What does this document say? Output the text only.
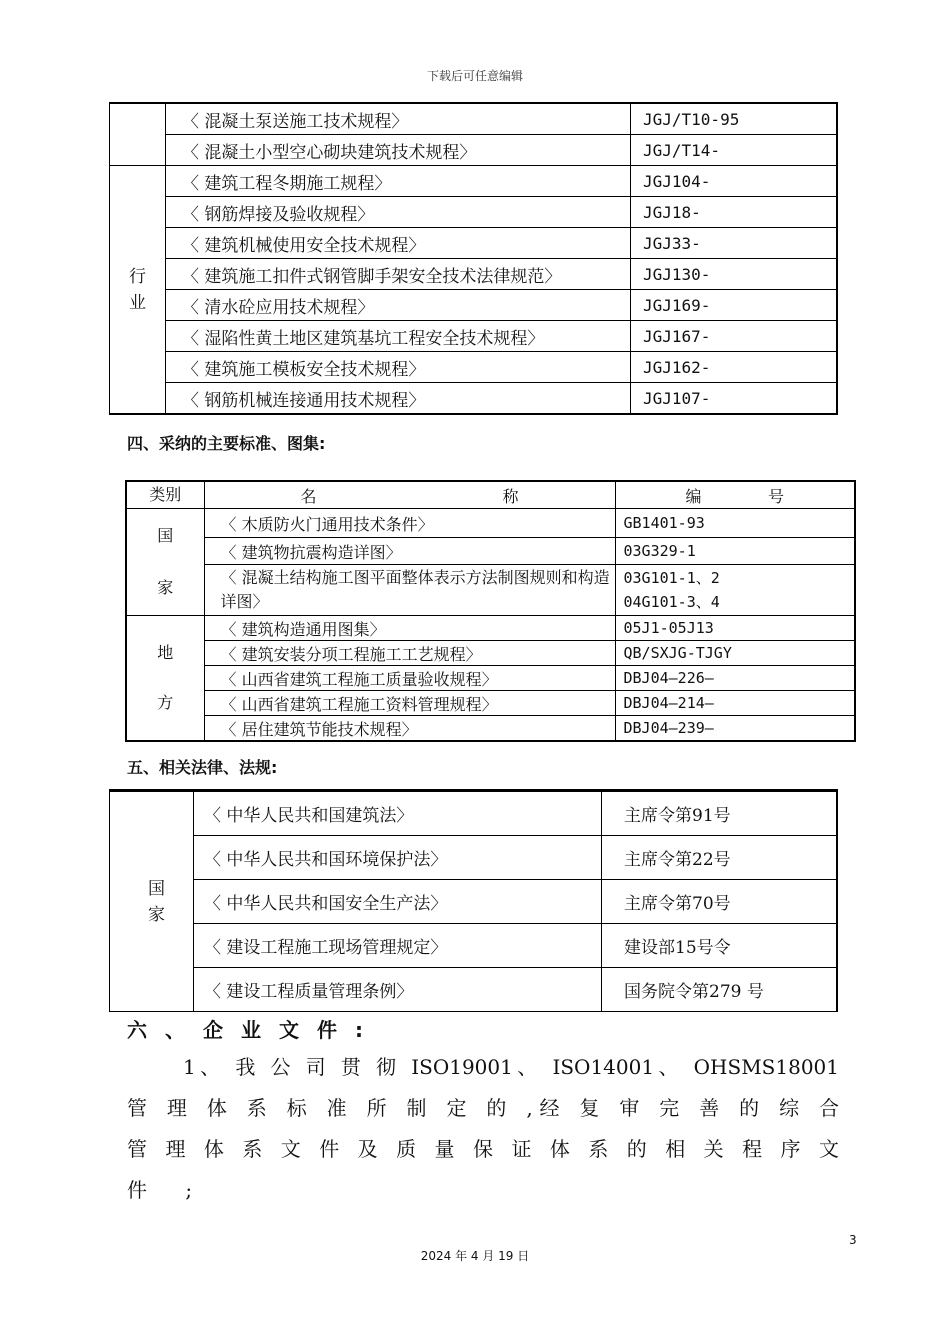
下载后可任意编辑
	〈 混凝土泵送施工技术规程〉	JGJ/T10-95
	〈 混凝土小型空心砌块建筑技术规程〉	JGJ/T14-

行
业	〈 建筑工程冬期施工规程〉	JGJ104-
	〈 钢筋焊接及验收规程〉	JGJ18-
	〈 建筑机械使用安全技术规程〉	JGJ33-
	〈 建筑施工扣件式钢管脚手架安全技术法律规范〉	JGJ130-
	〈 清水砼应用技术规程〉	JGJ169-
	〈 湿陷性黄土地区建筑基坑工程安全技术规程〉	JGJ167-
	〈 建筑施工模板安全技术规程〉	JGJ162-
	〈 钢筋机械连接通用技术规程〉	JGJ107-
四、采纳的主要标准、图集:
类别	名 称	编 号

国
家	〈 木质防火门通用技术条件〉	GB1401-93
	〈 建筑物抗震构造详图〉	03G329-1
	〈 混凝土结构施工图平面整体表示方法制图规则和构造详图〉	03G101-1、2
04G101-3、4

地
方	〈 建筑构造通用图集〉	05J1-05J13
	〈 建筑安装分项工程施工工艺规程〉	QB/SXJG-TJGY
	〈 山西省建筑工程施工质量验收规程〉	DBJ04—226—
	〈 山西省建筑工程施工资料管理规程〉	DBJ04—214—
	〈 居住建筑节能技术规程〉	DBJ04—239—
五、相关法律、法规:
国
家	〈 中华人民共和国建筑法〉	主席令第91号
	〈 中华人民共和国环境保护法〉	主席令第22号
	〈 中华人民共和国安全生产法〉	主席令第70号
	〈 建设工程施工现场管理规定〉	建设部15号令
	〈 建设工程质量管理条例〉	国务院令第279 号
六、企业文件:
1、 我 公 司 贯 彻 ISO19001、 ISO14001、 OHSMS18001
管 理 体 系 标 准 所 制 定 的 ,经 复 审 完 善 的 综 合
管 理 体 系 文 件 及 质 量 保 证 体 系 的 相 关 程 序 文
件 ;
3
2024 年 4 月 19 日
